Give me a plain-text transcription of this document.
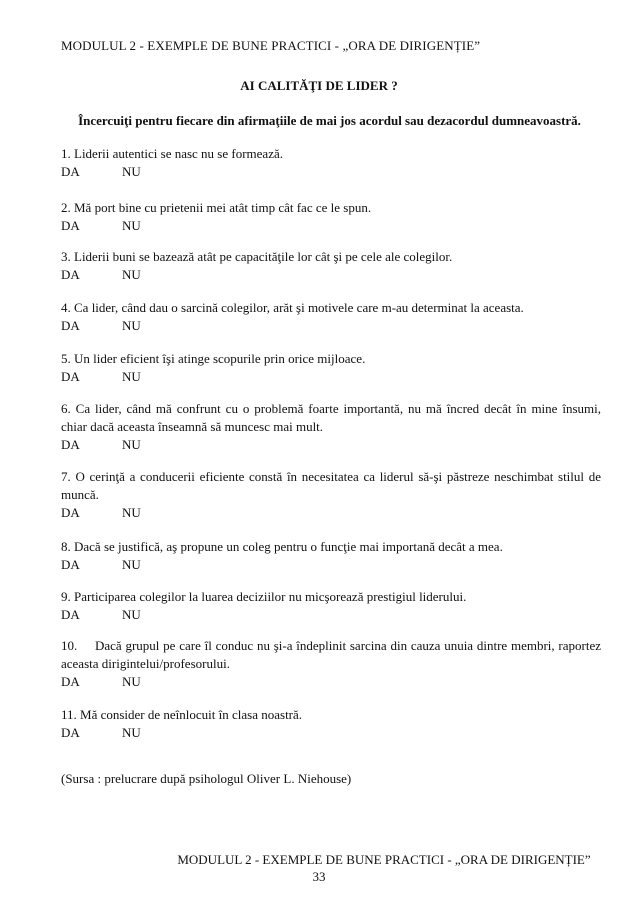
MODULUL 2 - EXEMPLE DE BUNE PRACTICI - „ORA DE DIRIGENȚIE”
AI CALITĂŢI DE LIDER ?
Încercuiţi pentru fiecare din afirmaţiile de mai jos acordul sau dezacordul dumneavoastră.
1. Liderii autentici se nasc nu se formează.
DA	NU
2. Mă port bine cu prietenii mei atât timp cât fac ce le spun.
DA	NU
3. Liderii buni se bazează atât pe capacităţile lor cât şi pe cele ale colegilor.
DA	NU
4. Ca lider, când dau o sarcină colegilor, arăt şi motivele care m-au determinat la aceasta.
DA	NU
5. Un lider eficient îşi atinge scopurile prin orice mijloace.
DA	NU
6. Ca lider, când mă confrunt cu o problemă foarte importantă, nu mă încred decât în mine însumi, chiar dacă aceasta înseamnă să muncesc mai mult.
DA	NU
7. O cerinţă a conducerii eficiente constă în necesitatea ca liderul să-şi păstreze neschimbat stilul de muncă.
DA	NU
8. Dacă se justifică, aş propune un coleg pentru o funcţie mai importană decât a mea.
DA	NU
9. Participarea colegilor la luarea deciziilor nu micşorează prestigiul liderului.
DA	NU
10. Dacă grupul pe care îl conduc nu şi-a îndeplinit sarcina din cauza unuia dintre membri, raportez aceasta dirigintelui/profesorului.
DA	NU
11. Mă consider de neînlocuit în clasa noastră.
DA	NU
(Sursa : prelucrare după psihologul Oliver L. Niehouse)
MODULUL 2 - EXEMPLE DE BUNE PRACTICI - „ORA DE DIRIGENȚIE”
33
